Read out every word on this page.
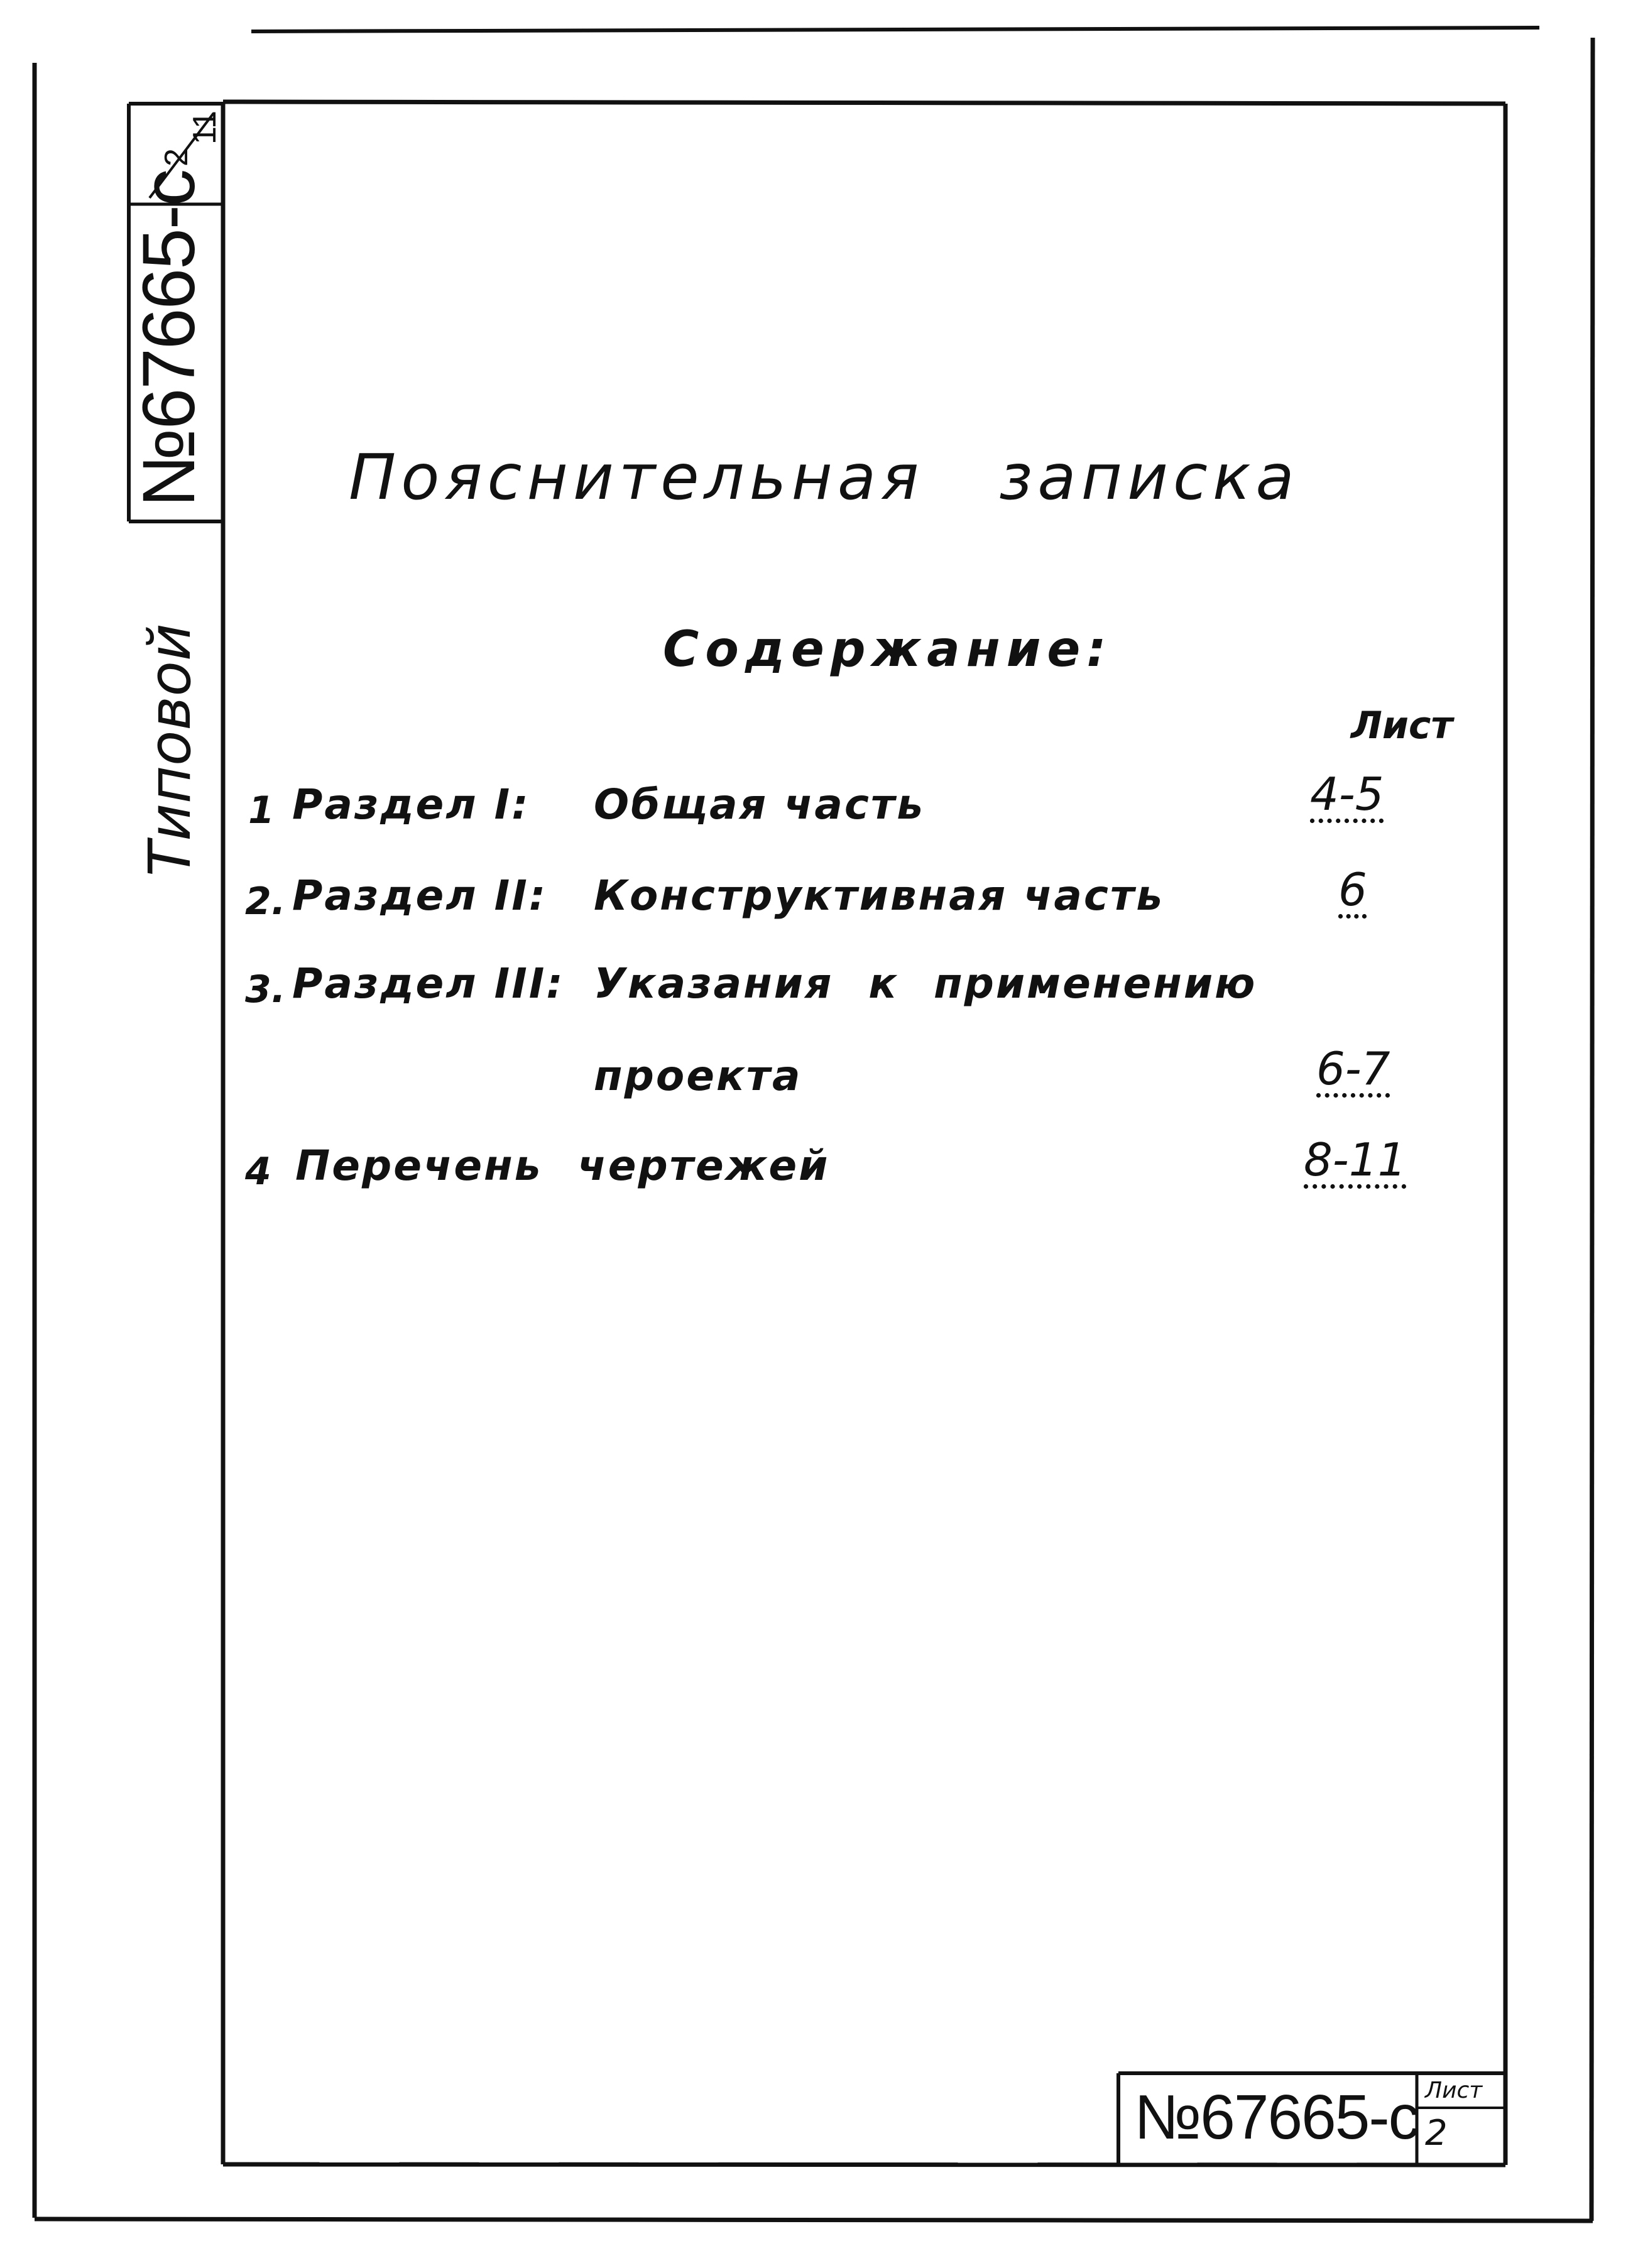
2
11
№67665-с
Типовой
Пояснительная записка
Содержание:
Лист
1 Раздел I: Общая часть	4-5
2. Раздел II: Конструктивная часть	6
3. Раздел III: Указания к применению
проекта	6-7
4 Перечень чертежей	8-11
№67665-с Лист
2
